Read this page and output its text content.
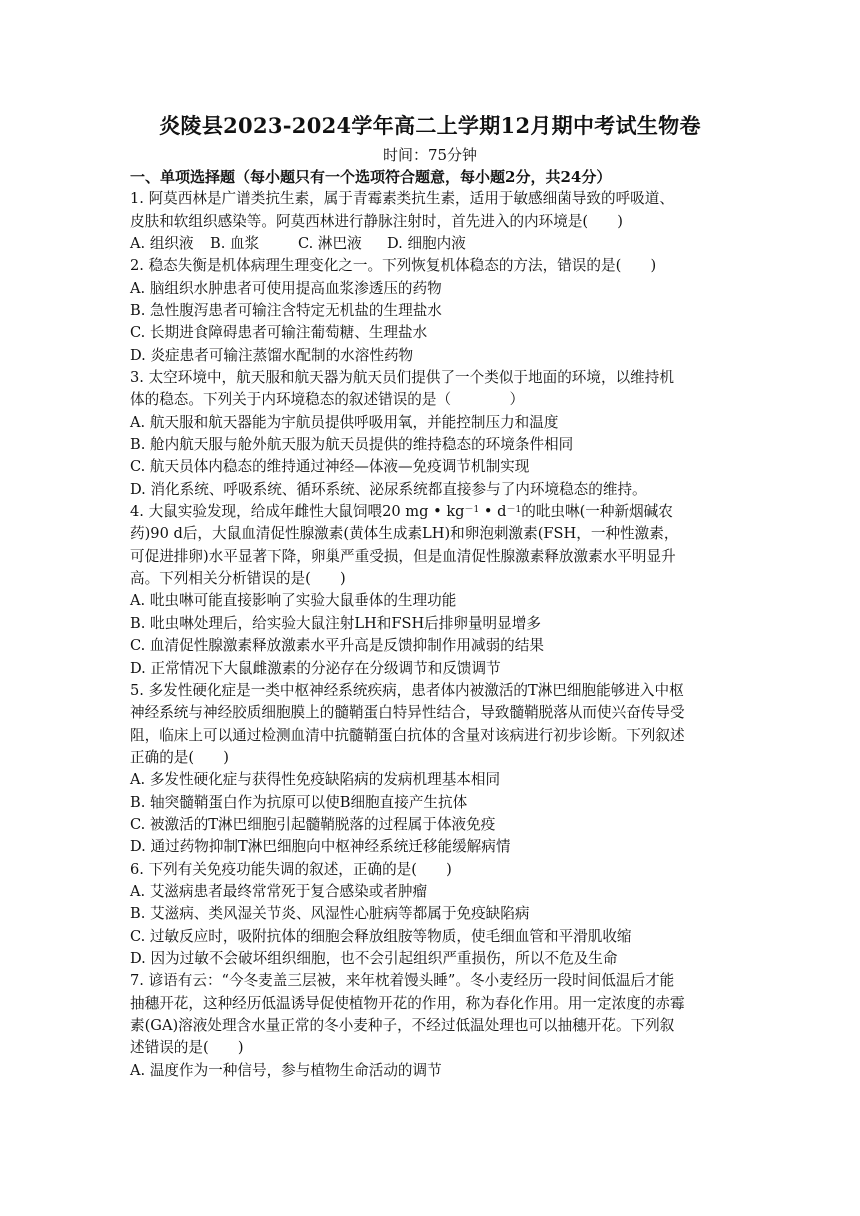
炎陵县2023-2024学年高二上学期12月期中考试生物卷
时间：75分钟
一、单项选择题（每小题只有一个选项符合题意，每小题2分，共24分）

1. 阿莫西林是广谱类抗生素，属于青霉素类抗生素，适用于敏感细菌导致的呼吸道、

皮肤和软组织感染等。阿莫西林进行静脉注射时，首先进入的内环境是(　　)

A. 组织液 B. 血浆	C. 淋巴液 D. 细胞内液

2. 稳态失衡是机体病理生理变化之一。下列恢复机体稳态的方法，错误的是(　　)

A. 脑组织水肿患者可使用提高血浆渗透压的药物

B. 急性腹泻患者可输注含特定无机盐的生理盐水

C. 长期进食障碍患者可输注葡萄糖、生理盐水

D. 炎症患者可输注蒸馏水配制的水溶性药物

3. 太空环境中，航天服和航天器为航天员们提供了一个类似于地面的环境，以维持机

体的稳态。下列关于内环境稳态的叙述错误的是（　　　　）

A. 航天服和航天器能为宇航员提供呼吸用氧，并能控制压力和温度

B. 舱内航天服与舱外航天服为航天员提供的维持稳态的环境条件相同

C. 航天员体内稳态的维持通过神经—体液—免疫调节机制实现

D. 消化系统、呼吸系统、循环系统、泌尿系统都直接参与了内环境稳态的维持。

4. 大鼠实验发现，给成年雌性大鼠饲喂20 mg • $kg^{-1}$ • $d^{-1}$的吡虫啉(一种新烟碱农

药)90 d后，大鼠血清促性腺激素(黄体生成素LH)和卵泡刺激素(FSH，一种性激素，

可促进排卵)水平显著下降，卵巢严重受损，但是血清促性腺激素释放激素水平明显升

高。下列相关分析错误的是(　　)

A. 吡虫啉可能直接影响了实验大鼠垂体的生理功能

B. 吡虫啉处理后，给实验大鼠注射LH和FSH后排卵量明显增多

C. 血清促性腺激素释放激素水平升高是反馈抑制作用减弱的结果

D. 正常情况下大鼠雌激素的分泌存在分级调节和反馈调节

5. 多发性硬化症是一类中枢神经系统疾病，患者体内被激活的T淋巴细胞能够进入中枢

神经系统与神经胶质细胞膜上的髓鞘蛋白特异性结合，导致髓鞘脱落从而使兴奋传导受

阻，临床上可以通过检测血清中抗髓鞘蛋白抗体的含量对该病进行初步诊断。下列叙述

正确的是(　　)

A. 多发性硬化症与获得性免疫缺陷病的发病机理基本相同

B. 轴突髓鞘蛋白作为抗原可以使B细胞直接产生抗体

C. 被激活的T淋巴细胞引起髓鞘脱落的过程属于体液免疫

D. 通过药物抑制T淋巴细胞向中枢神经系统迁移能缓解病情

6. 下列有关免疫功能失调的叙述，正确的是(　　)

A. 艾滋病患者最终常常死于复合感染或者肿瘤

B. 艾滋病、类风湿关节炎、风湿性心脏病等都属于免疫缺陷病

C. 过敏反应时，吸附抗体的细胞会释放组胺等物质，使毛细血管和平滑肌收缩

D. 因为过敏不会破坏组织细胞，也不会引起组织严重损伤，所以不危及生命

7. 谚语有云：“今冬麦盖三层被，来年枕着馒头睡”。冬小麦经历一段时间低温后才能

抽穗开花，这种经历低温诱导促使植物开花的作用，称为春化作用。用一定浓度的赤霉

素(GA)溶液处理含水量正常的冬小麦种子，不经过低温处理也可以抽穗开花。下列叙

述错误的是(　　)

A. 温度作为一种信号，参与植物生命活动的调节
